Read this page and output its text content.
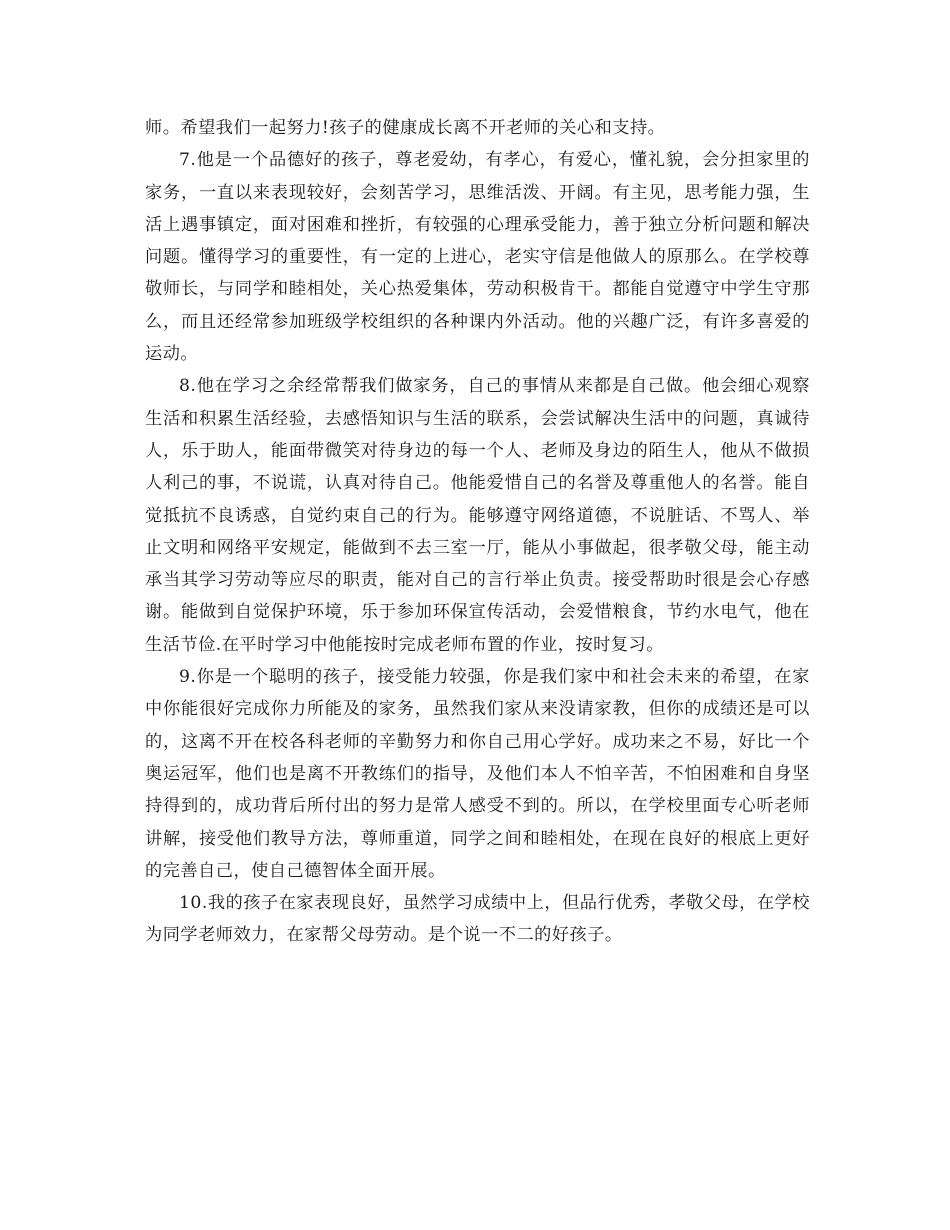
师。希望我们一起努力!孩子的健康成长离不开老师的关心和支持。

7.他是一个品德好的孩子，尊老爱幼，有孝心，有爱心，懂礼貌，会分担家里的家务，一直以来表现较好，会刻苦学习，思维活泼、开阔。有主见，思考能力强，生活上遇事镇定，面对困难和挫折，有较强的心理承受能力，善于独立分析问题和解决问题。懂得学习的重要性，有一定的上进心，老实守信是他做人的原那么。在学校尊敬师长，与同学和睦相处，关心热爱集体，劳动积极肯干。都能自觉遵守中学生守那么，而且还经常参加班级学校组织的各种课内外活动。他的兴趣广泛，有许多喜爱的运动。

8.他在学习之余经常帮我们做家务，自己的事情从来都是自己做。他会细心观察生活和积累生活经验，去感悟知识与生活的联系，会尝试解决生活中的问题，真诚待人，乐于助人，能面带微笑对待身边的每一个人、老师及身边的陌生人，他从不做损人利己的事，不说谎，认真对待自己。他能爱惜自己的名誉及尊重他人的名誉。能自觉抵抗不良诱惑，自觉约束自己的行为。能够遵守网络道德，不说脏话、不骂人、举止文明和网络平安规定，能做到不去三室一厅，能从小事做起，很孝敬父母，能主动承当其学习劳动等应尽的职责，能对自己的言行举止负责。接受帮助时很是会心存感谢。能做到自觉保护环境，乐于参加环保宣传活动，会爱惜粮食，节约水电气，他在生活节俭.在平时学习中他能按时完成老师布置的作业，按时复习。

9.你是一个聪明的孩子，接受能力较强，你是我们家中和社会未来的希望，在家中你能很好完成你力所能及的家务，虽然我们家从来没请家教，但你的成绩还是可以的，这离不开在校各科老师的辛勤努力和你自己用心学好。成功来之不易，好比一个奥运冠军，他们也是离不开教练们的指导，及他们本人不怕辛苦，不怕困难和自身坚持得到的，成功背后所付出的努力是常人感受不到的。所以，在学校里面专心听老师讲解，接受他们教导方法，尊师重道，同学之间和睦相处，在现在良好的根底上更好的完善自己，使自己德智体全面开展。

10.我的孩子在家表现良好，虽然学习成绩中上，但品行优秀，孝敬父母，在学校为同学老师效力，在家帮父母劳动。是个说一不二的好孩子。
